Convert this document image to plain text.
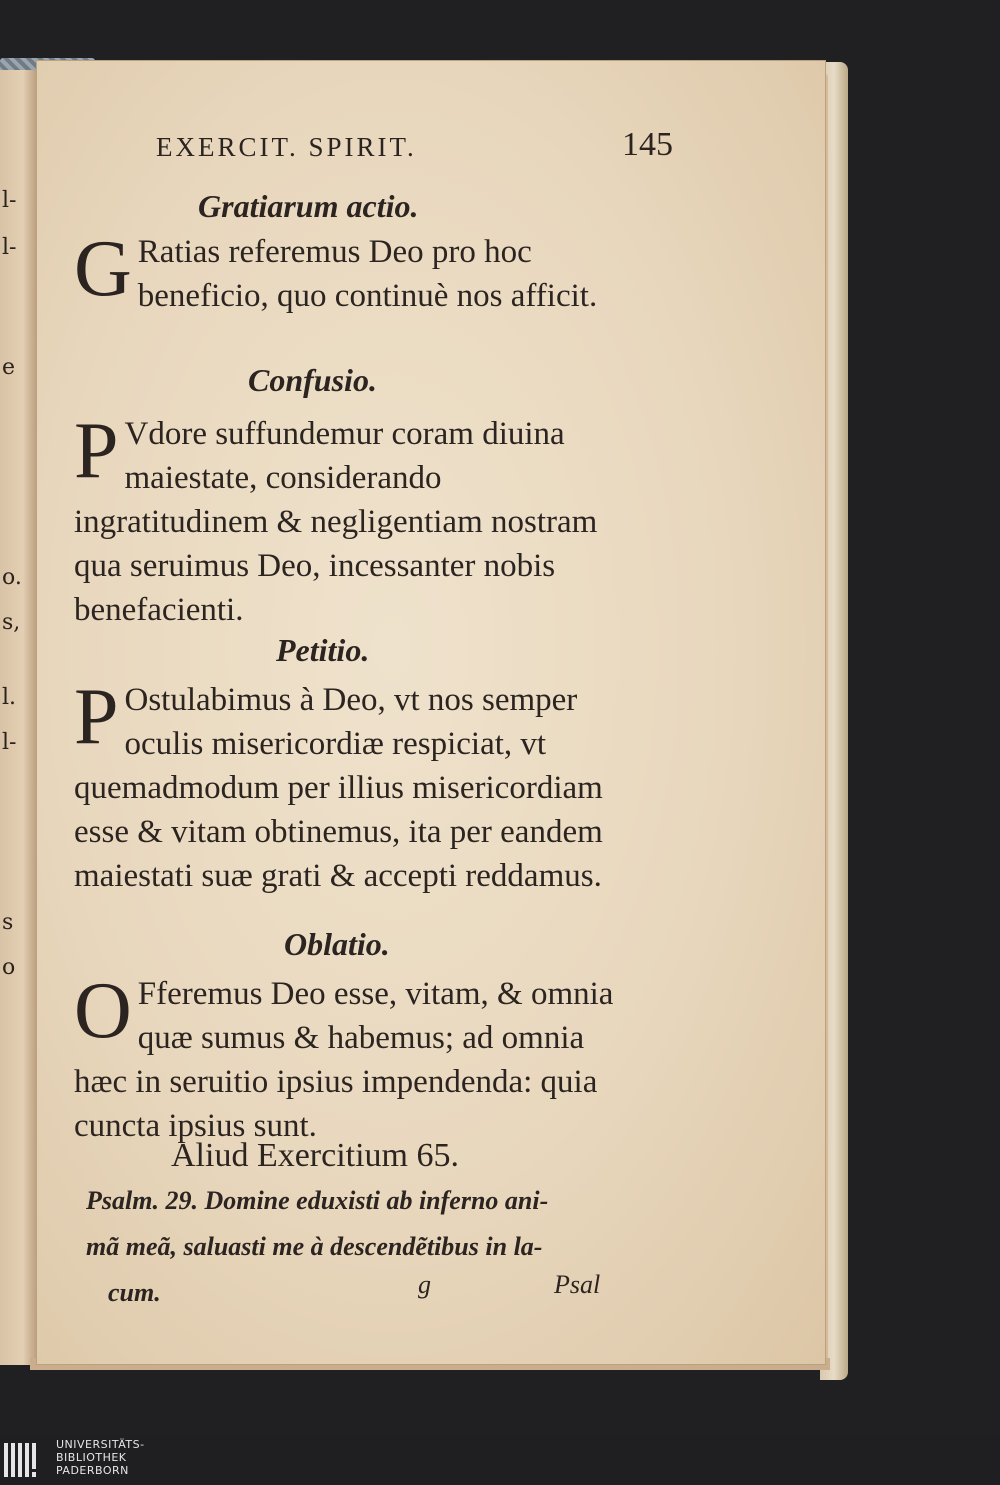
l-
l-
e
o.
s,
l.
l-
s
o
EXERCIT. SPIRIT.	145
Gratiarum actio.
G Ratias referemus Deo pro hoc beneficio, quo continuè nos afficit.
Confusio.
P Vdore suffundemur coram diuina maiestate, considerando ingratitudinem & negligentiam nostram qua seruimus Deo, incessanter nobis benefacienti.
Petitio.
P Ostulabimus à Deo, vt nos semper oculis misericordiæ respiciat, vt quemadmodum per illius misericordiam esse & vitam obtinemus, ita per eandem maiestati suæ grati & accepti reddamus.
Oblatio.
O Fferemus Deo esse, vitam, & omnia quæ sumus & habemus; ad omnia hæc in seruitio ipsius impendenda: quia cuncta ipsius sunt.
Aliud Exercitium 65.
Psalm. 29. Domine eduxisti ab inferno ani-
mã meã, saluasti me à descendẽtibus in la-
cum.	g	Psal
UNIVERSITÄTS-
BIBLIOTHEK
PADERBORN
